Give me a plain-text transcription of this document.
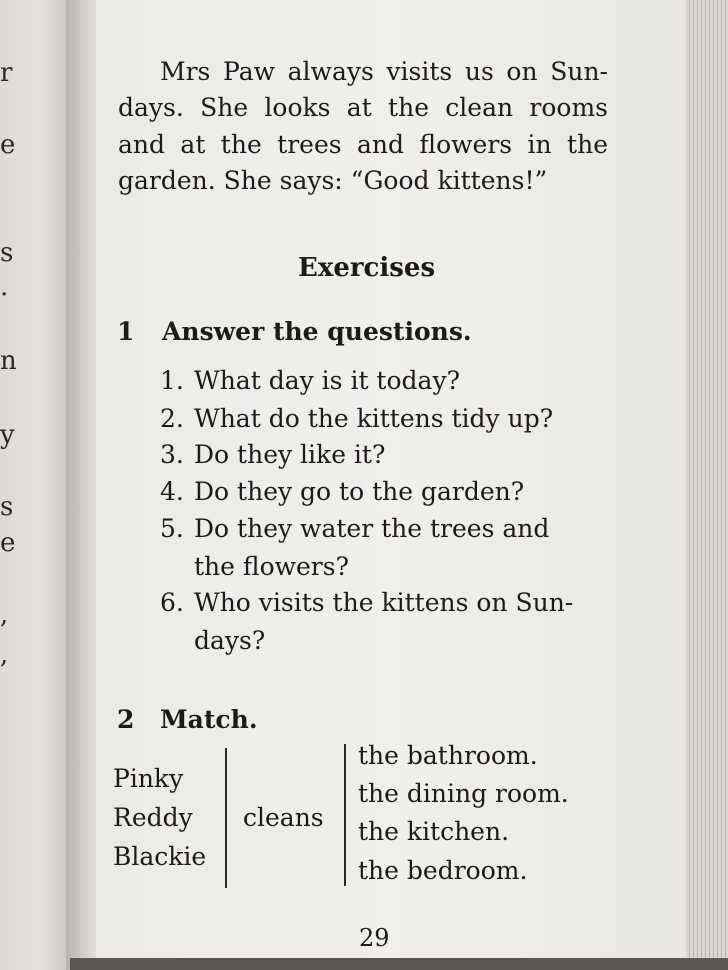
r
e
s
.
n
y
s
e
,
,
Mrs Paw always visits us on Sun-
days. She looks at the clean rooms
and at the trees and flowers in the
garden. She says: “Good kittens!”
Exercises
1 Answer the questions.
1. What day is it today?
2. What do the kittens tidy up?
3. Do they like it?
4. Do they go to the garden?
5. Do they water the trees and
the flowers?
6. Who visits the kittens on Sun-
days?
2 Match.
Pinky
Reddy
Blackie
cleans
the bathroom.
the dining room.
the kitchen.
the bedroom.
29
